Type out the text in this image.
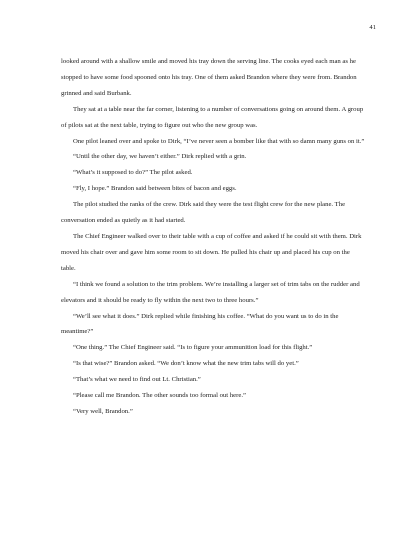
41

looked around with a shallow smile and moved his tray down the serving line. The cooks eyed each man as he stopped to have some food spooned onto his tray. One of them asked Brandon where they were from. Brandon grinned and said Burbank.

They sat at a table near the far corner, listening to a number of conversations going on around them. A group of pilots sat at the next table, trying to figure out who the new group was.

One pilot leaned over and spoke to Dirk, “I’ve never seen a bomber like that with so damn many guns on it.”

“Until the other day, we haven’t either.” Dirk replied with a grin.

“What’s it supposed to do?” The pilot asked.

“Fly, I hope.” Brandon said between bites of bacon and eggs.

The pilot studied the ranks of the crew. Dirk said they were the test flight crew for the new plane. The conversation ended as quietly as it had started.

The Chief Engineer walked over to their table with a cup of coffee and asked if he could sit with them. Dirk moved his chair over and gave him some room to sit down. He pulled his chair up and placed his cup on the table.

“I think we found a solution to the trim problem. We’re installing a larger set of trim tabs on the rudder and elevators and it should be ready to fly within the next two to three hours.”

“We’ll see what it does.” Dirk replied while finishing his coffee. “What do you want us to do in the meantime?”

“One thing.” The Chief Engineer said. “Is to figure your ammunition load for this flight.”

“Is that wise?” Brandon asked. “We don’t know what the new trim tabs will do yet.”

“That’s what we need to find out Lt. Christian.”

“Please call me Brandon. The other sounds too formal out here.”

“Very well, Brandon.”
